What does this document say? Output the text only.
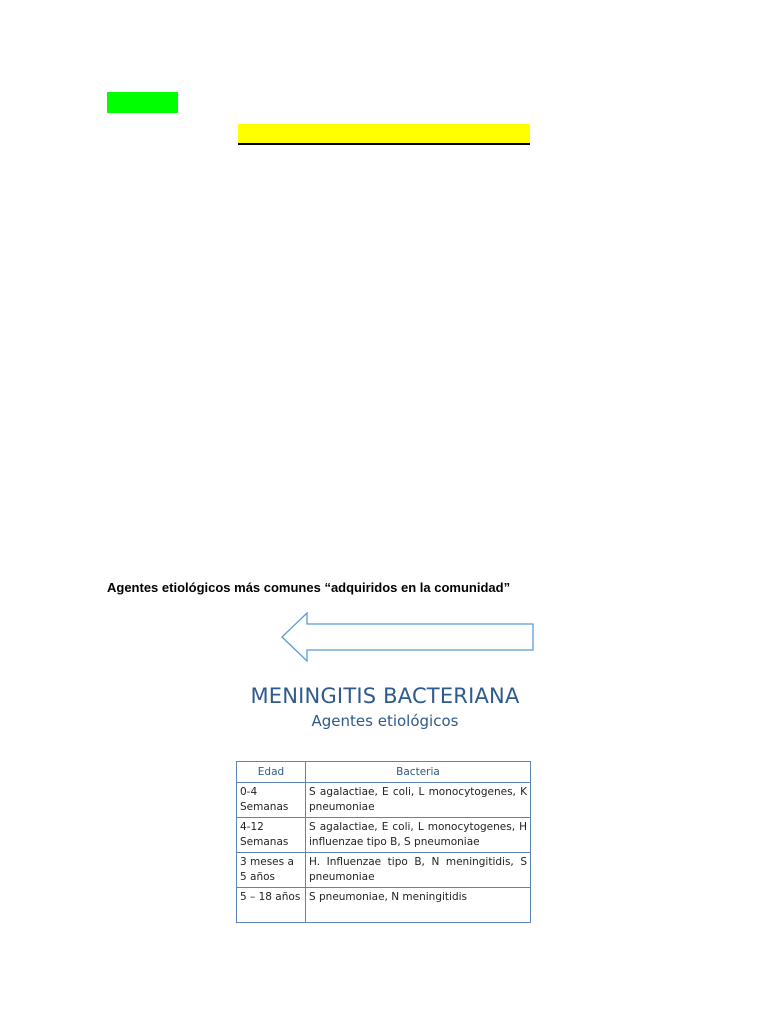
Agentes etiológicos más comunes “adquiridos en la comunidad”
MENINGITIS BACTERIANA
Agentes etiológicos
Edad	Bacteria
0-4 Semanas	S agalactiae, E coli, L monocytogenes, K pneumoniae
4-12 Semanas	S agalactiae, E coli, L monocytogenes, H influenzae tipo B, S pneumoniae
3 meses a 5 años	H. Influenzae tipo B, N meningitidis, S pneumoniae
5 – 18 años	S pneumoniae, N meningitidis
